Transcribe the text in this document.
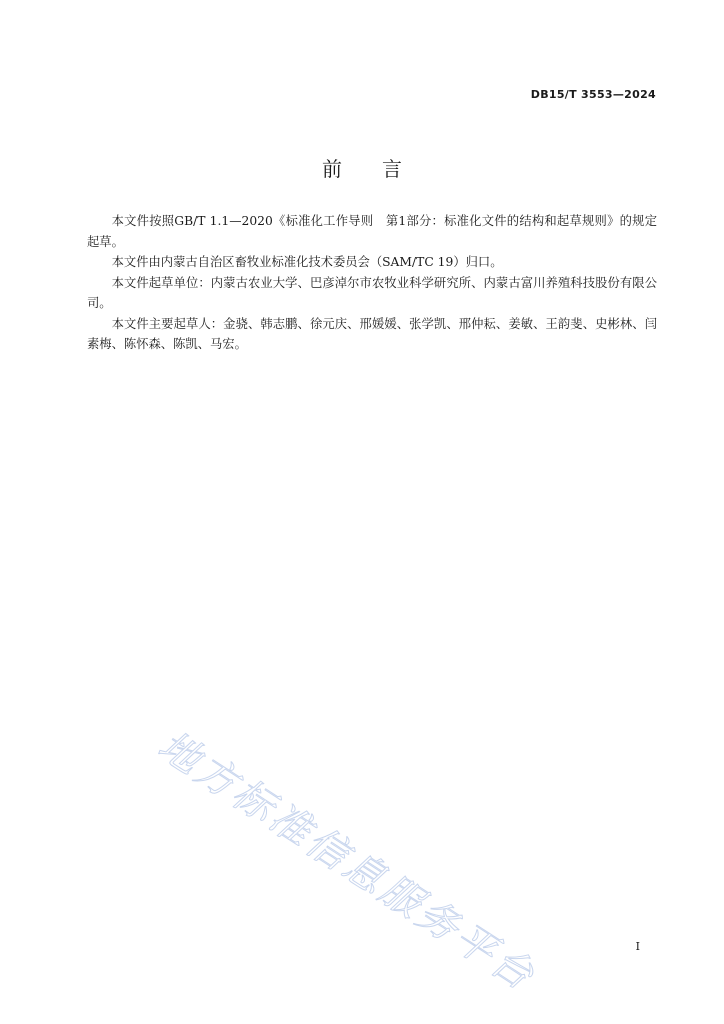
DB15/T 3553—2024
前言

本文件按照GB/T 1.1—2020《标准化工作导则　第1部分：标准化文件的结构和起草规则》的规定起草。

本文件由内蒙古自治区畜牧业标准化技术委员会（SAM/TC 19）归口。

本文件起草单位：内蒙古农业大学、巴彦淖尔市农牧业科学研究所、内蒙古富川养殖科技股份有限公司。

本文件主要起草人：金骁、韩志鹏、徐元庆、邢媛媛、张学凯、邢仲耘、姜敏、王韵斐、史彬林、闫素梅、陈怀森、陈凯、马宏。

地方标准信息服务平台	I
